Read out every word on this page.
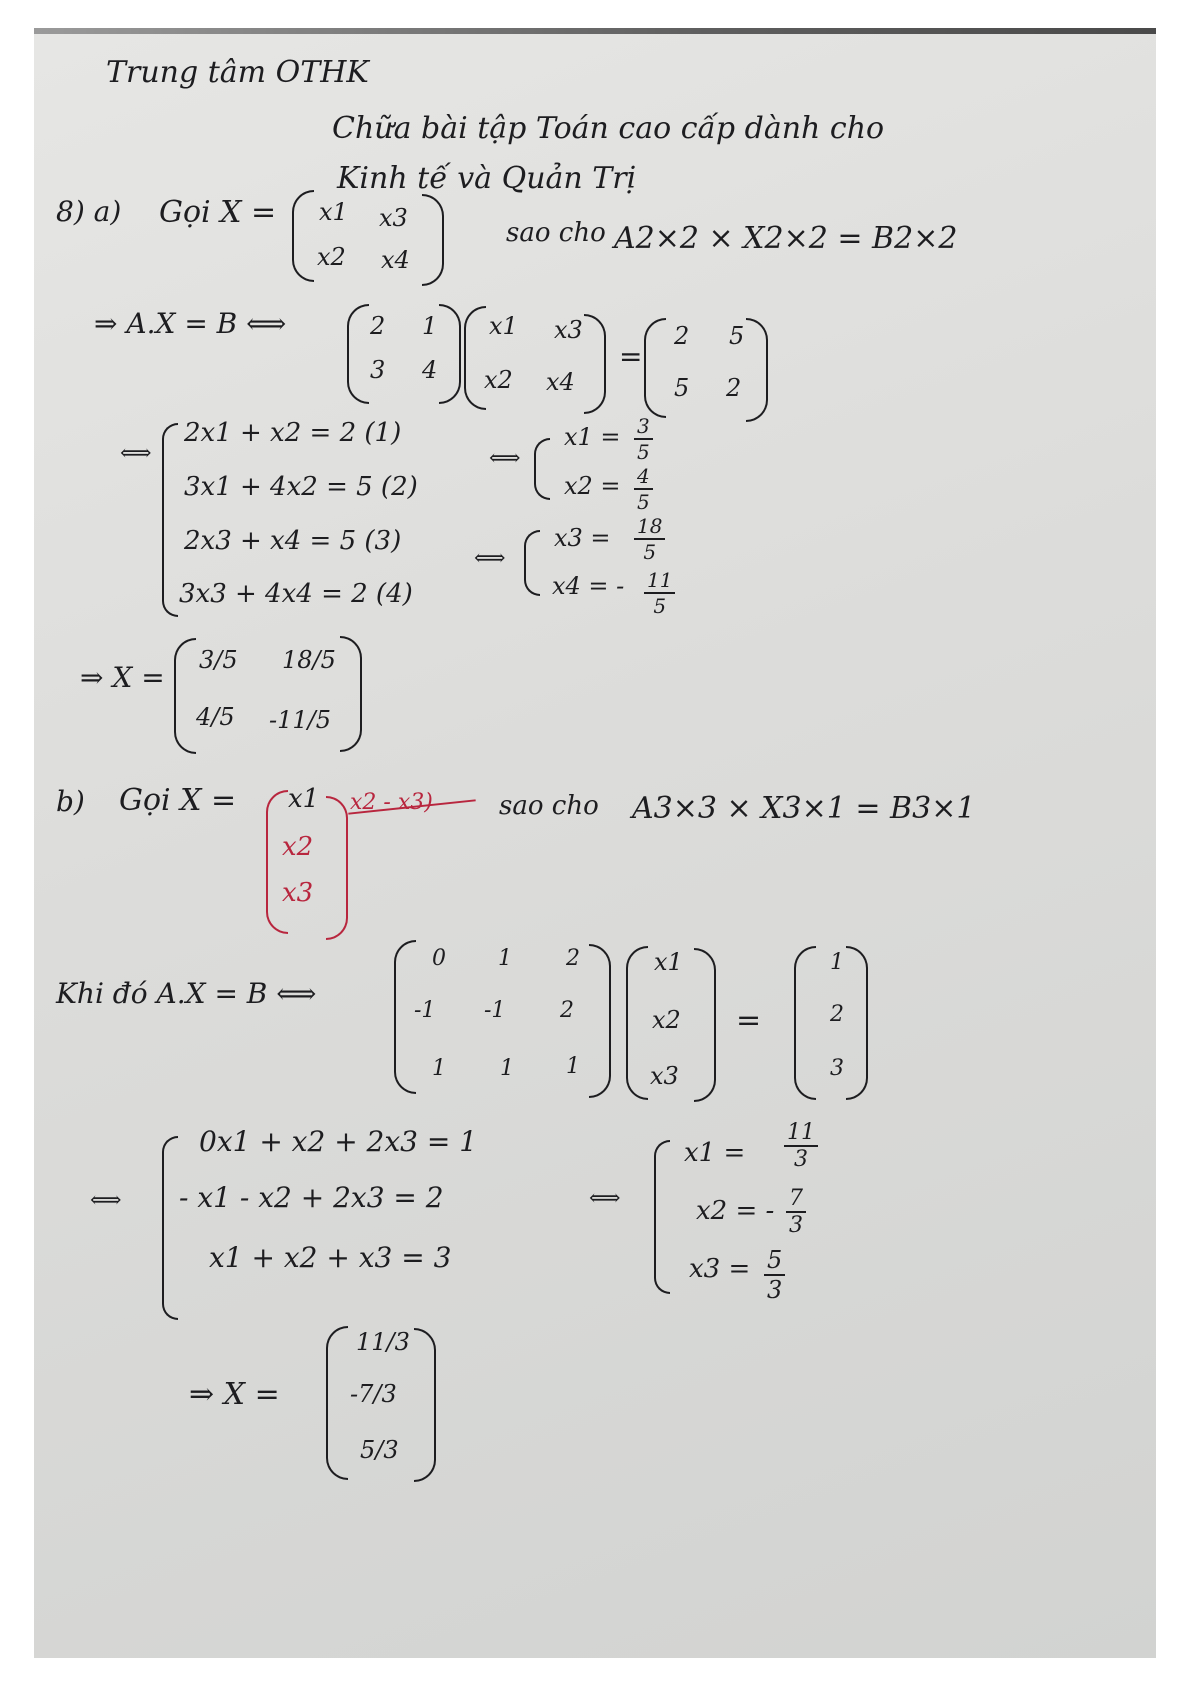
Trung tâm OTHK
Chữa bài tập Toán cao cấp dành cho
Kinh tế và Quản Trị
8) a) Gọi X = x1 x3
x2 x4
sao cho A2×2 × X2×2 = B2×2
⇒ A.X = B ⟺	2 1
3 4
x1 x3
x2 x4
=
2 5
5 2
⟺
2x1 + x2 = 2 (1)
3x1 + 4x2 = 5 (2)
2x3 + x4 = 5 (3)
3x3 + 4x4 = 2 (4)
⟺
$x1 = \frac{3}{5}$
$x2 = \frac{4}{5}$
⟺
$x3 = \frac{18}{5}$
x4 = - $\frac{11}{5}$
⇒ X =
3/5 18/5
4/5 -11/5
b) Gọi X = x1
x2
x3
x2 - x3)	sao cho A3×3 × X3×1 = B3×1
Khi đó A.X = B ⟺
0 1 2
-1 -1 2
1 1 1
x1
x2
x3
=
1
2
3
⟺
0x1 + x2 + 2x3 = 1
- x1 - x2 + 2x3 = 2
x1 + x2 + x3 = 3
⟺
$x1 = \frac{11}{3}$
x2 = - $\frac{7}{3}$
$x3 = \frac{5}{3}$
⇒ X =
11/3
-7/3
5/3
